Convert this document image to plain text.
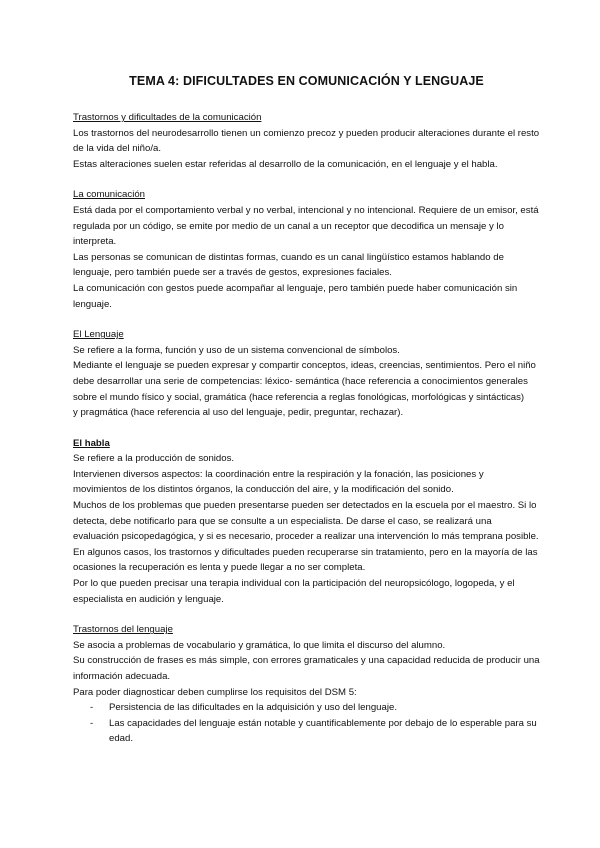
TEMA 4: DIFICULTADES EN COMUNICACIÓN Y LENGUAJE

Trastornos y dificultades de la comunicación

Los trastornos del neurodesarrollo tienen un comienzo precoz y pueden producir alteraciones durante el resto de la vida del niño/a.

Estas alteraciones suelen estar referidas al desarrollo de la comunicación, en el lenguaje y el habla.

La comunicación

Está dada por el comportamiento verbal y no verbal, intencional y no intencional. Requiere de un emisor, está regulada por un código, se emite por medio de un canal a un receptor que decodifica un mensaje y lo interpreta.

Las personas se comunican de distintas formas, cuando es un canal lingüístico estamos hablando de lenguaje, pero también puede ser a través de gestos, expresiones faciales.

La comunicación con gestos puede acompañar al lenguaje, pero también puede haber comunicación sin lenguaje.

El Lenguaje

Se refiere a la forma, función y uso de un sistema convencional de símbolos.

Mediante el lenguaje se pueden expresar y compartir conceptos, ideas, creencias, sentimientos. Pero el niño debe desarrollar una serie de competencias: léxico- semántica (hace referencia a conocimientos generales sobre el mundo físico y social, gramática (hace referencia a reglas fonológicas, morfológicas y sintácticas)

y pragmática (hace referencia al uso del lenguaje, pedir, preguntar, rechazar).

El habla

Se refiere a la producción de sonidos.

Intervienen diversos aspectos: la coordinación entre la respiración y la fonación, las posiciones y movimientos de los distintos órganos, la conducción del aire, y la modificación del sonido.

Muchos de los problemas que pueden presentarse pueden ser detectados en la escuela por el maestro. Si lo detecta, debe notificarlo para que se consulte a un especialista. De darse el caso, se realizará una evaluación psicopedagógica, y si es necesario, proceder a realizar una intervención lo más temprana posible.

En algunos casos, los trastornos y dificultades pueden recuperarse sin tratamiento, pero en la mayoría de las ocasiones la recuperación es lenta y puede llegar a no ser completa.

Por lo que pueden precisar una terapia individual con la participación del neuropsicólogo, logopeda, y el especialista en audición y lenguaje.

Trastornos del lenguaje

Se asocia a problemas de vocabulario y gramática, lo que limita el discurso del alumno.

Su construcción de frases es más simple, con errores gramaticales y una capacidad reducida de producir una información adecuada.

Para poder diagnosticar deben cumplirse los requisitos del DSM 5:

- Persistencia de las dificultades en la adquisición y uso del lenguaje.
- Las capacidades del lenguaje están notable y cuantificablemente por debajo de lo esperable para su edad.
